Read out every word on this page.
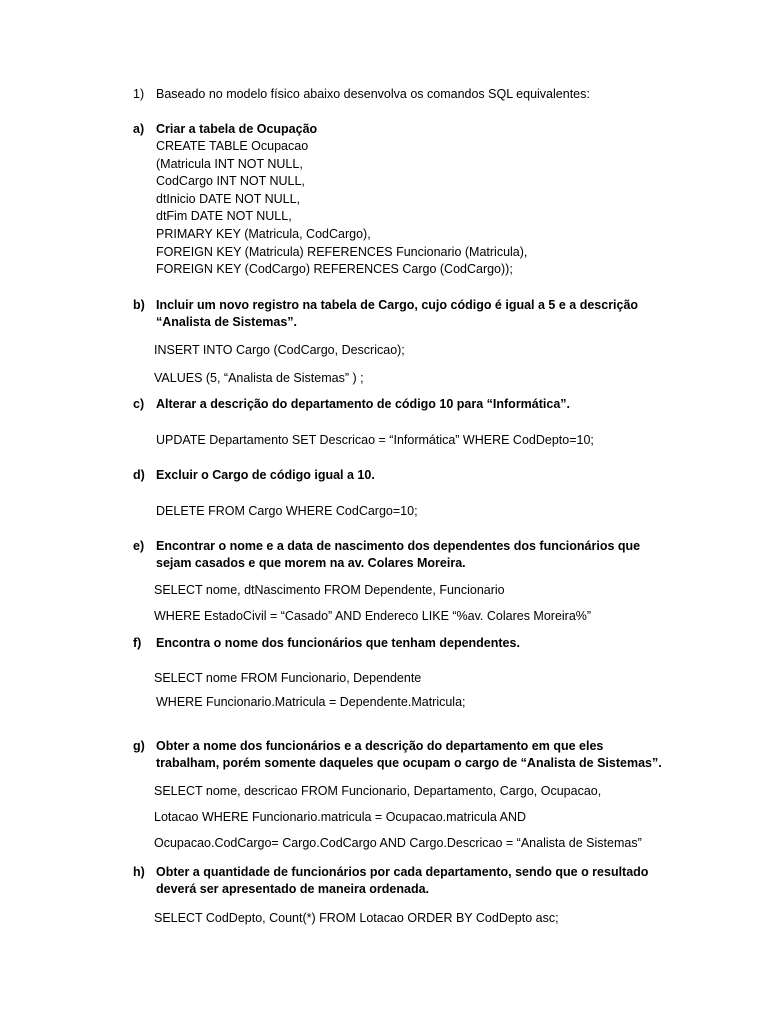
1) Baseado no modelo físico abaixo desenvolva os comandos SQL equivalentes:
a) Criar a tabela de Ocupação
CREATE TABLE Ocupacao
(Matricula INT NOT NULL,
CodCargo INT NOT NULL,
dtInicio DATE NOT NULL,
dtFim DATE NOT NULL,
PRIMARY KEY (Matricula, CodCargo),
FOREIGN KEY (Matricula) REFERENCES Funcionario (Matricula),
FOREIGN KEY (CodCargo) REFERENCES Cargo (CodCargo));
b) Incluir um novo registro na tabela de Cargo, cujo código é igual a 5 e a descrição
“Analista de Sistemas”.
INSERT INTO Cargo (CodCargo, Descricao);
VALUES (5, “Analista de Sistemas” ) ;
c) Alterar a descrição do departamento de código 10 para “Informática”.
UPDATE Departamento SET Descricao = “Informática” WHERE CodDepto=10;
d) Excluir o Cargo de código igual a 10.
DELETE FROM Cargo WHERE CodCargo=10;
e) Encontrar o nome e a data de nascimento dos dependentes dos funcionários que
sejam casados e que morem na av. Colares Moreira.
SELECT nome, dtNascimento FROM Dependente, Funcionario
WHERE EstadoCivil = “Casado” AND Endereco LIKE “%av. Colares Moreira%”
f) Encontra o nome dos funcionários que tenham dependentes.
SELECT nome FROM Funcionario, Dependente
WHERE Funcionario.Matricula = Dependente.Matricula;
g) Obter a nome dos funcionários e a descrição do departamento em que eles
trabalham, porém somente daqueles que ocupam o cargo de “Analista de Sistemas”.
SELECT nome, descricao FROM Funcionario, Departamento, Cargo, Ocupacao,
Lotacao WHERE Funcionario.matricula = Ocupacao.matricula AND
Ocupacao.CodCargo= Cargo.CodCargo AND Cargo.Descricao = “Analista de Sistemas”
h) Obter a quantidade de funcionários por cada departamento, sendo que o resultado
deverá ser apresentado de maneira ordenada.
SELECT CodDepto, Count(*) FROM Lotacao ORDER BY CodDepto asc;
